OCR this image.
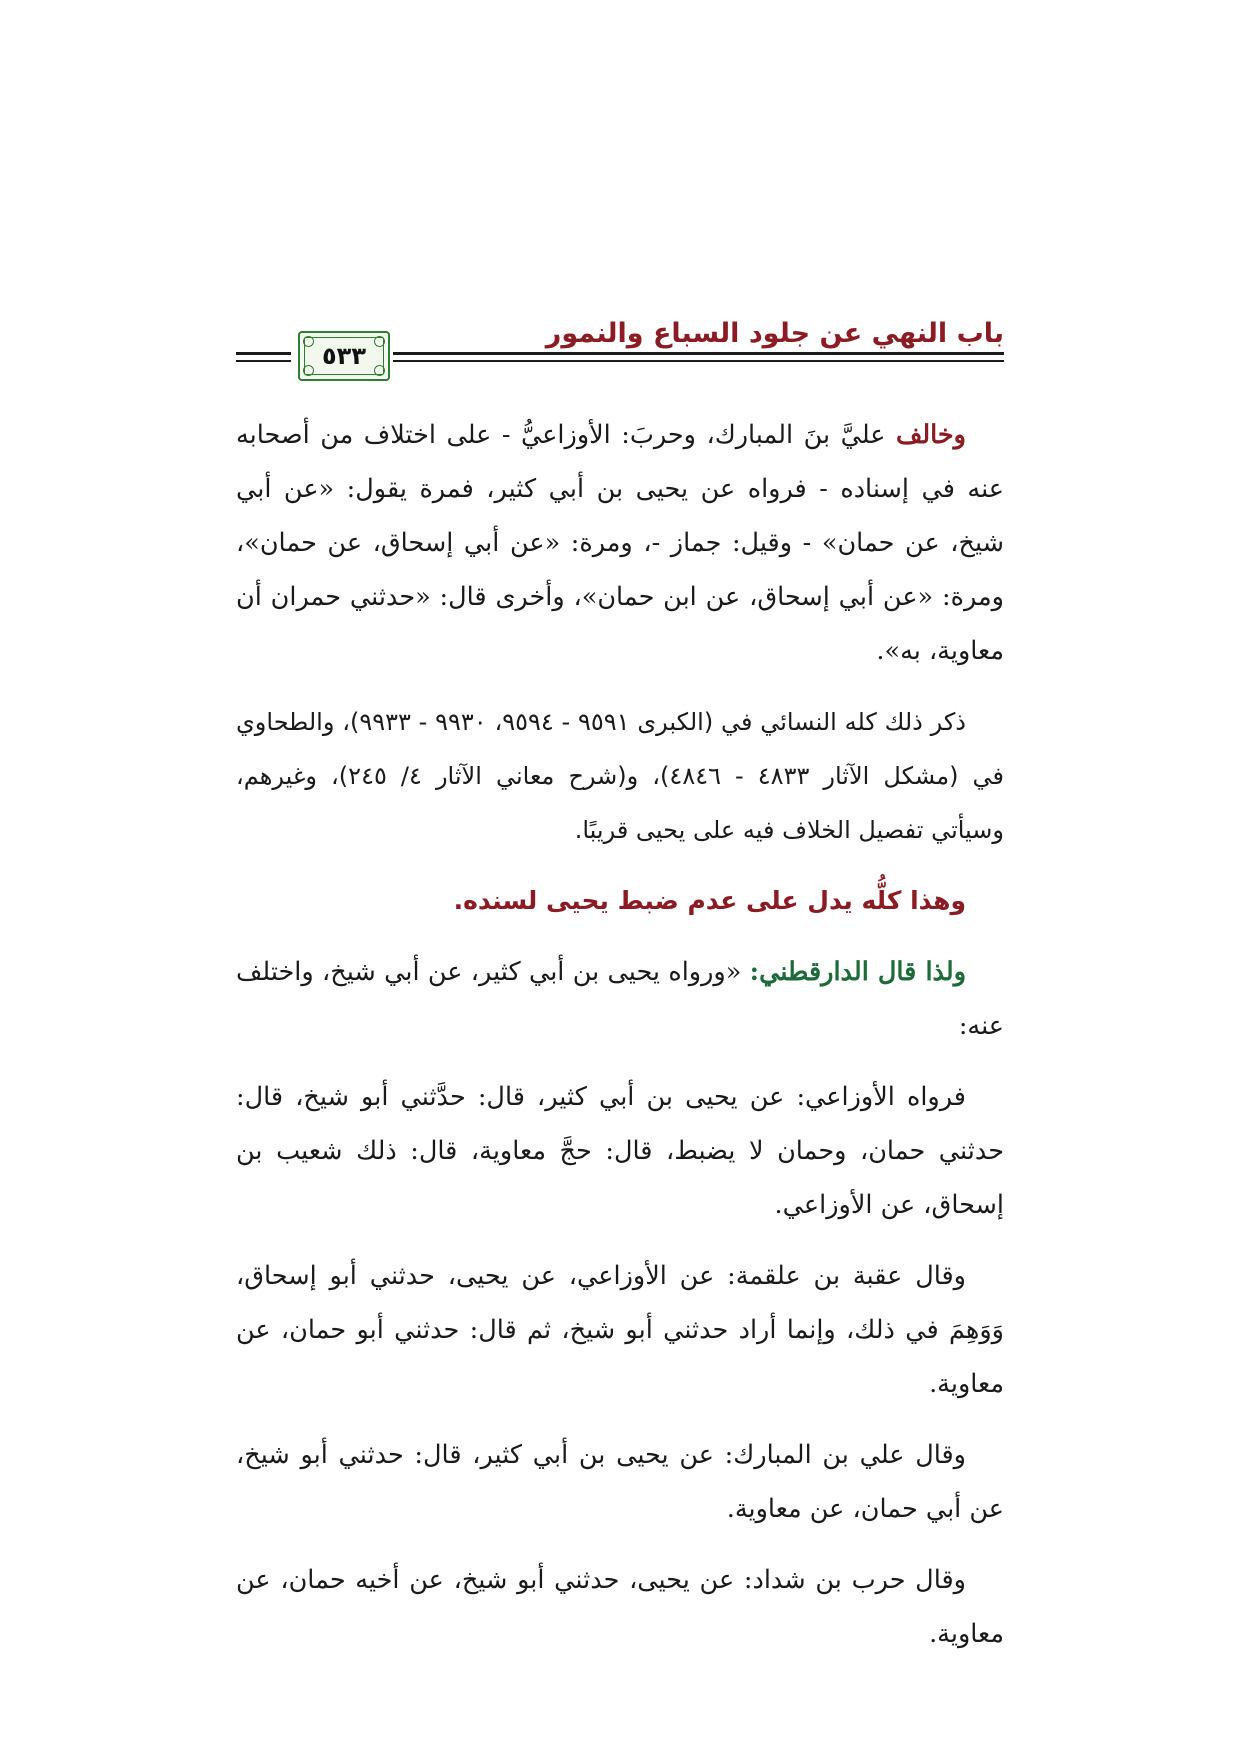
باب النهي عن جلود السباع والنمور
٥٣٣

وخالف عليَّ بنَ المبارك، وحربَ: الأوزاعيُّ - على اختلاف من أصحابه عنه في إسناده - فرواه عن يحيى بن أبي كثير، فمرة يقول: «عن أبي شيخ، عن حمان» - وقيل: جماز -، ومرة: «عن أبي إسحاق، عن حمان»، ومرة: «عن أبي إسحاق، عن ابن حمان»، وأخرى قال: «حدثني حمران أن معاوية، به».

ذكر ذلك كله النسائي في (الكبرى ٩٥٩١ - ٩٥٩٤، ٩٩٣٠ - ٩٩٣٣)، والطحاوي في (مشكل الآثار ٤٨٣٣ - ٤٨٤٦)، و(شرح معاني الآثار ٤/ ٢٤٥)، وغيرهم، وسيأتي تفصيل الخلاف فيه على يحيى قريبًا.

وهذا كلُّه يدل على عدم ضبط يحيى لسنده.

ولذا قال الدارقطني: «ورواه يحيى بن أبي كثير، عن أبي شيخ، واختلف عنه:

فرواه الأوزاعي: عن يحيى بن أبي كثير، قال: حدَّثني أبو شيخ، قال: حدثني حمان، وحمان لا يضبط، قال: حجَّ معاوية، قال: ذلك شعيب بن إسحاق، عن الأوزاعي.

وقال عقبة بن علقمة: عن الأوزاعي، عن يحيى، حدثني أبو إسحاق، وَوَهِمَ في ذلك، وإنما أراد حدثني أبو شيخ، ثم قال: حدثني أبو حمان، عن معاوية.

وقال علي بن المبارك: عن يحيى بن أبي كثير، قال: حدثني أبو شيخ، عن أبي حمان، عن معاوية.

وقال حرب بن شداد: عن يحيى، حدثني أبو شيخ، عن أخيه حمان، عن معاوية.
